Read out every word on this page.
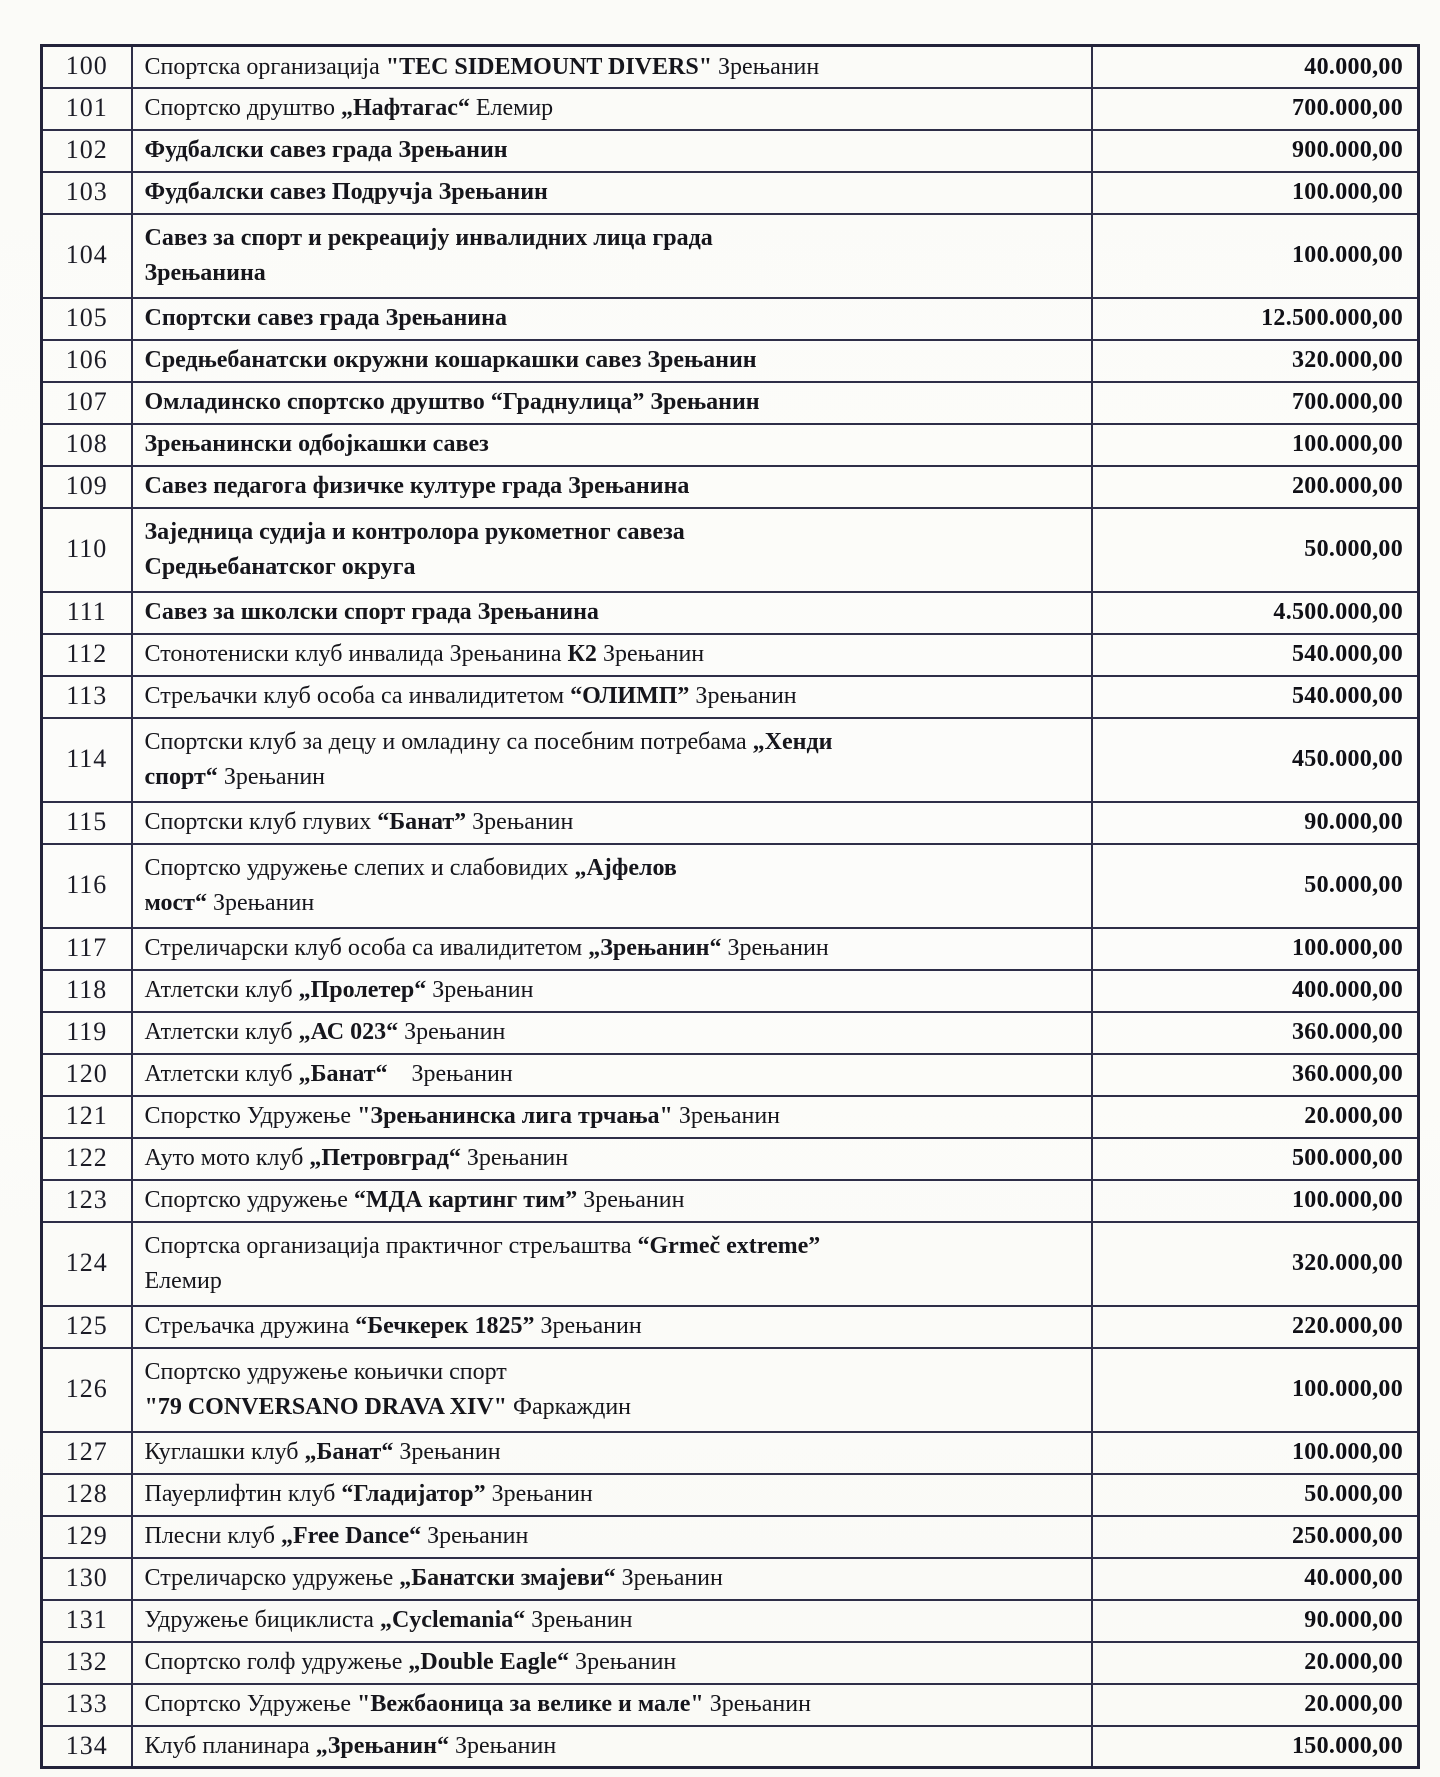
100	Спортска организација "TEC SIDEMOUNT DIVERS" Зрењанин	40.000,00
101	Спортско друштво „Нафтагас“ Елемир	700.000,00
102	Фудбалски савез града Зрењанин	900.000,00
103	Фудбалски савез Подручја Зрењанин	100.000,00
104	Савез за спорт и рекреацију инвалидних лица града
Зрењанина	100.000,00
105	Спортски савез града Зрењанина	12.500.000,00
106	Средњебанатски окружни кошаркашки савез Зрењанин	320.000,00
107	Омладинско спортско друштво “Граднулица” Зрењанин	700.000,00
108	Зрењанински одбојкашки савез	100.000,00
109	Савез педагога физичке културе града Зрењанина	200.000,00
110	Заједница судија и контролора рукометног савеза
Средњебанатског округа	50.000,00
111	Савез за школски спорт града Зрењанина	4.500.000,00
112	Стонотениски клуб инвалида Зрењанина К2 Зрењанин	540.000,00
113	Стрељачки клуб особа са инвалидитетом “ОЛИМП” Зрењанин	540.000,00
114	Спортски клуб за децу и омладину са посебним потребама „Хенди
спорт“ Зрењанин	450.000,00
115	Спортски клуб глувих “Банат” Зрењанин	90.000,00
116	Спортско удружење слепих и слабовидих „Ајфелов
мост“ Зрењанин	50.000,00
117	Стреличарски клуб особа са ивалидитетом „Зрењанин“ Зрењанин	100.000,00
118	Атлетски клуб „Пролетер“ Зрењанин	400.000,00
119	Атлетски клуб „АС 023“ Зрењанин	360.000,00
120	Атлетски клуб „Банат“    Зрењанин	360.000,00
121	Спорстко Удружење "Зрењанинска лига трчања" Зрењанин	20.000,00
122	Ауто мото клуб „Петровград“ Зрењанин	500.000,00
123	Спортско удружење “МДА картинг тим” Зрењанин	100.000,00
124	Спортска организација практичног стрељаштва “Grmeč extreme”
Елемир	320.000,00
125	Стрељачка дружина “Бечкерек 1825” Зрењанин	220.000,00
126	Спортско удружење коњички спорт
"79 CONVERSANO DRAVA XIV" Фаркаждин	100.000,00
127	Куглашки клуб „Банат“ Зрењанин	100.000,00
128	Пауерлифтин клуб “Гладијатор” Зрењанин	50.000,00
129	Плесни клуб „Free Dance“ Зрењанин	250.000,00
130	Стреличарско удружење „Банатски змајеви“ Зрењанин	40.000,00
131	Удружење бициклиста „Cyclemania“ Зрењанин	90.000,00
132	Спортско голф удружење „Double Eagle“ Зрењанин	20.000,00
133	Спортско Удружење "Вежбаоница за велике и мале" Зрењанин	20.000,00
134	Клуб планинара „Зрењанин“ Зрењанин	150.000,00
